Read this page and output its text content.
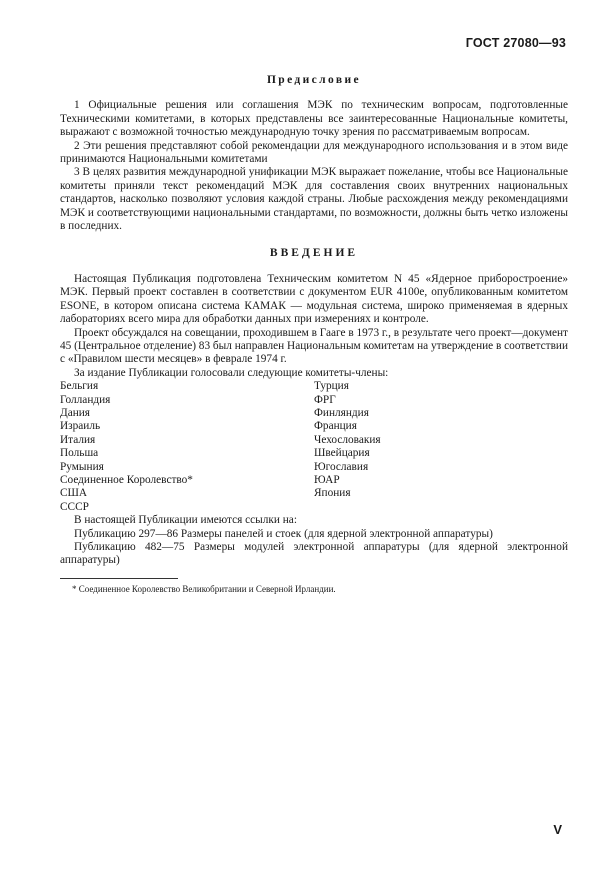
ГОСТ 27080—93
Предисловие

1 Официальные решения или соглашения МЭК по техническим вопросам, подготовленные Техническими комитетами, в которых представлены все заинтересованные Национальные комитеты, выражают с возможной точностью международную точку зрения по рассматриваемым вопросам.

2 Эти решения представляют собой рекомендации для международного использования и в этом виде принимаются Национальными комитетами

3 В целях развития международной унификации МЭК выражает пожелание, чтобы все Национальные комитеты приняли текст рекомендаций МЭК для составления своих внутренних национальных стандартов, насколько позволяют условия каждой страны. Любые расхождения между рекомендациями МЭК и соответствующими национальными стандартами, по возможности, должны быть четко изложены в последних.

ВВЕДЕНИЕ

Настоящая Публикация подготовлена Техническим комитетом N 45 «Ядерное приборостроение» МЭК. Первый проект составлен в соответствии с документом EUR 4100e, опубликованным комитетом ESONE, в котором описана система КАМАК — модульная система, широко применяемая в ядерных лабораториях всего мира для обработки данных при измерениях и контроле.

Проект обсуждался на совещании, проходившем в Гааге в 1973 г., в результате чего проект—документ 45 (Центральное отделение) 83 был направлен Национальным комитетам на утверждение в соответствии с «Правилом шести месяцев» в феврале 1974 г.

За издание Публикации голосовали следующие комитеты-члены:

Бельгия
Голландия
Дания
Израиль
Италия
Польша
Румыния
Соединенное Королевство*
США
СССР
Турция
ФРГ
Финляндия
Франция
Чехословакия
Швейцария
Югославия
ЮАР
Япония

В настоящей Публикации имеются ссылки на:

Публикацию 297—86 Размеры панелей и стоек (для ядерной электронной аппаратуры)

Публикацию 482—75 Размеры модулей электронной аппаратуры (для ядерной электронной аппаратуры)

* Соединенное Королевство Великобритании и Северной Ирландии.
V
